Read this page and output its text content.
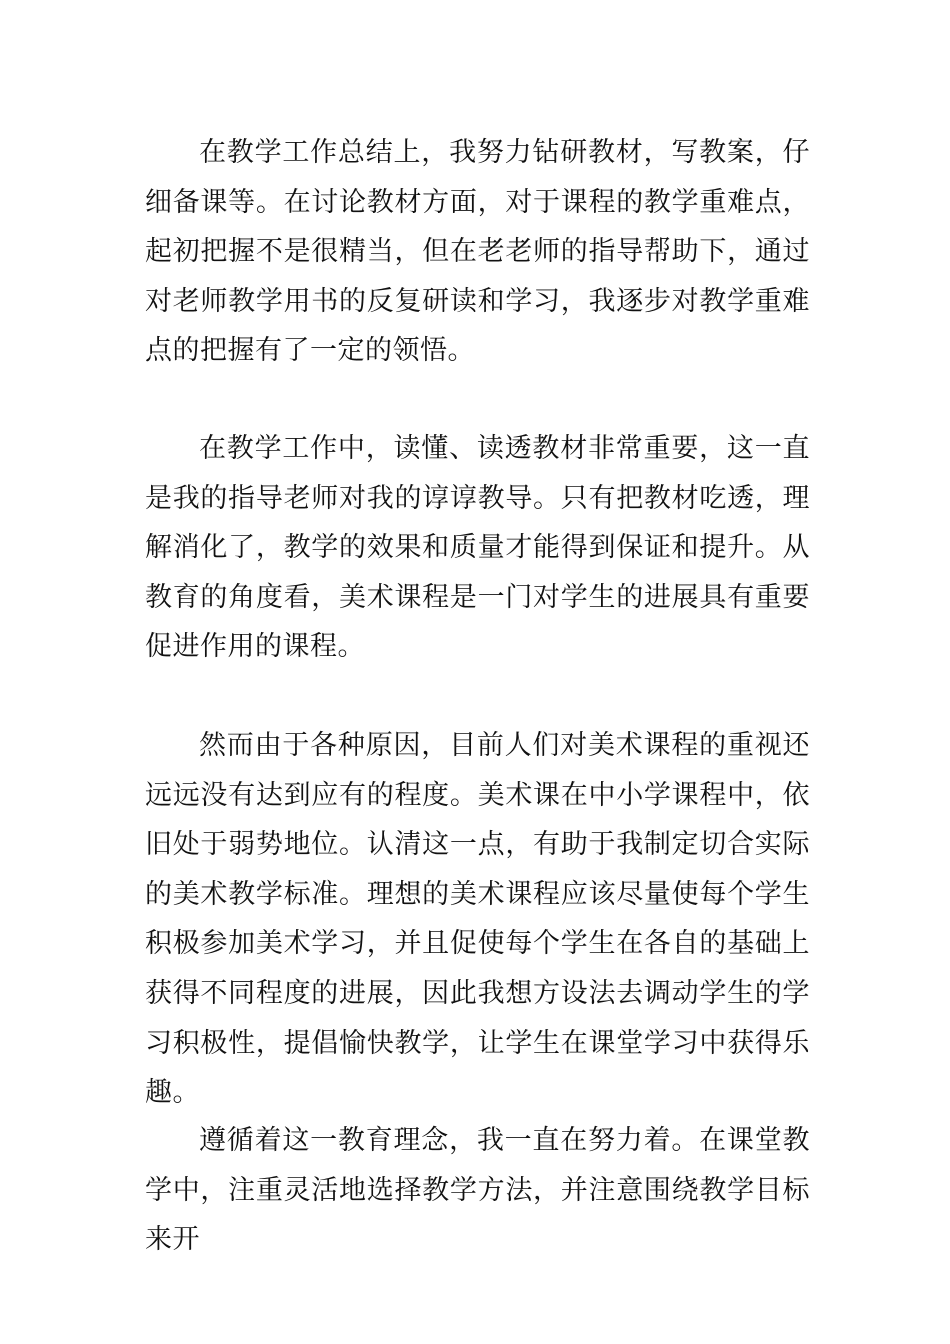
在教学工作总结上，我努力钻研教材，写教案，仔细备课等。在讨论教材方面，对于课程的教学重难点，起初把握不是很精当，但在老老师的指导帮助下，通过对老师教学用书的反复研读和学习，我逐步对教学重难点的把握有了一定的领悟。

在教学工作中，读懂、读透教材非常重要，这一直是我的指导老师对我的谆谆教导。只有把教材吃透，理解消化了，教学的效果和质量才能得到保证和提升。从教育的角度看，美术课程是一门对学生的进展具有重要促进作用的课程。

然而由于各种原因，目前人们对美术课程的重视还远远没有达到应有的程度。美术课在中小学课程中，依旧处于弱势地位。认清这一点，有助于我制定切合实际的美术教学标准。理想的美术课程应该尽量使每个学生积极参加美术学习，并且促使每个学生在各自的基础上获得不同程度的进展，因此我想方设法去调动学生的学习积极性，提倡愉快教学，让学生在课堂学习中获得乐趣。

遵循着这一教育理念，我一直在努力着。在课堂教学中，注重灵活地选择教学方法，并注意围绕教学目标来开
